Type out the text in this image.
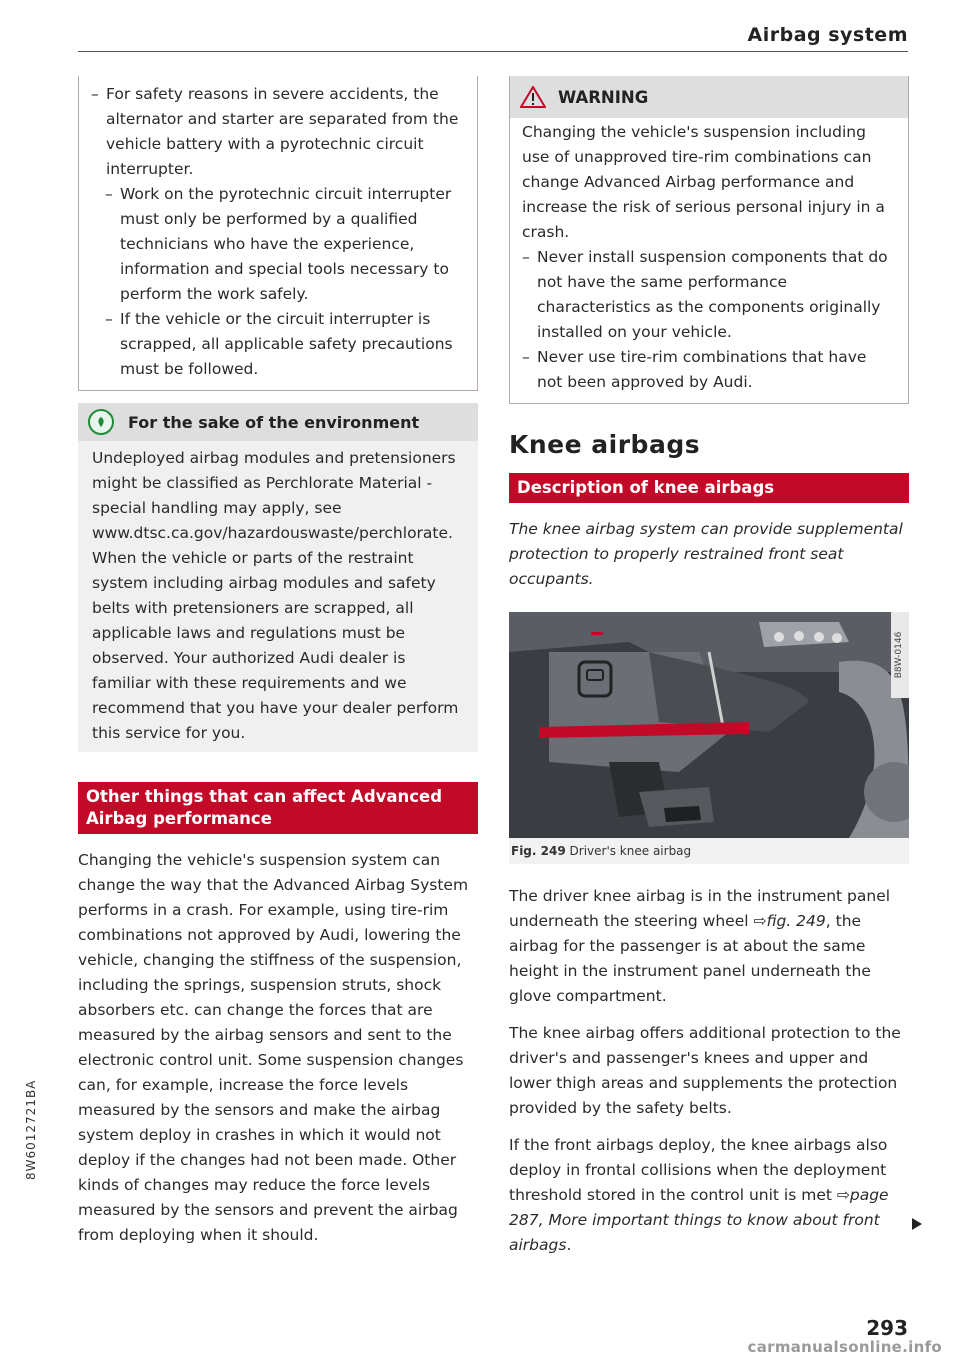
Airbag system
8W6012721BA
– For safety reasons in severe accidents, the alternator and starter are separated from the vehicle battery with a pyrotechnic circuit interrupter.
– Work on the pyrotechnic circuit interrupter must only be performed by a qualified technicians who have the experience, information and special tools necessary to perform the work safely.
– If the vehicle or the circuit interrupter is scrapped, all applicable safety precautions must be followed.
For the sake of the environment
Undeployed airbag modules and pretensioners might be classified as Perchlorate Material - special handling may apply, see www.dtsc.ca.gov/hazardouswaste/perchlorate. When the vehicle or parts of the restraint system including airbag modules and safety belts with pretensioners are scrapped, all applicable laws and regulations must be observed. Your authorized Audi dealer is familiar with these requirements and we recommend that you have your dealer perform this service for you.
Other things that can affect Advanced Airbag performance

Changing the vehicle's suspension system can change the way that the Advanced Airbag System performs in a crash. For example, using tire-rim combinations not approved by Audi, lowering the vehicle, changing the stiffness of the suspension, including the springs, suspension struts, shock absorbers etc. can change the forces that are measured by the airbag sensors and sent to the electronic control unit. Some suspension changes can, for example, increase the force levels measured by the sensors and make the airbag system deploy in crashes in which it would not deploy if the changes had not been made. Other kinds of changes may reduce the force levels measured by the sensors and prevent the airbag from deploying when it should.

WARNING
Changing the vehicle's suspension including use of unapproved tire-rim combinations can change Advanced Airbag performance and increase the risk of serious personal injury in a crash.
– Never install suspension components that do not have the same performance characteristics as the components originally installed on your vehicle.
– Never use tire-rim combinations that have not been approved by Audi.
Knee airbags
Description of knee airbags

The knee airbag system can provide supplemental protection to properly restrained front seat occupants.

B8W-0146
Fig. 249 Driver's knee airbag

The driver knee airbag is in the instrument panel underneath the steering wheel ⇨fig. 249, the airbag for the passenger is at about the same height in the instrument panel underneath the glove compartment.

The knee airbag offers additional protection to the driver's and passenger's knees and upper and lower thigh areas and supplements the protection provided by the safety belts.

If the front airbags deploy, the knee airbags also deploy in frontal collisions when the deployment threshold stored in the control unit is met ⇨page 287, More important things to know about front airbags.

293
carmanualsonline.info
